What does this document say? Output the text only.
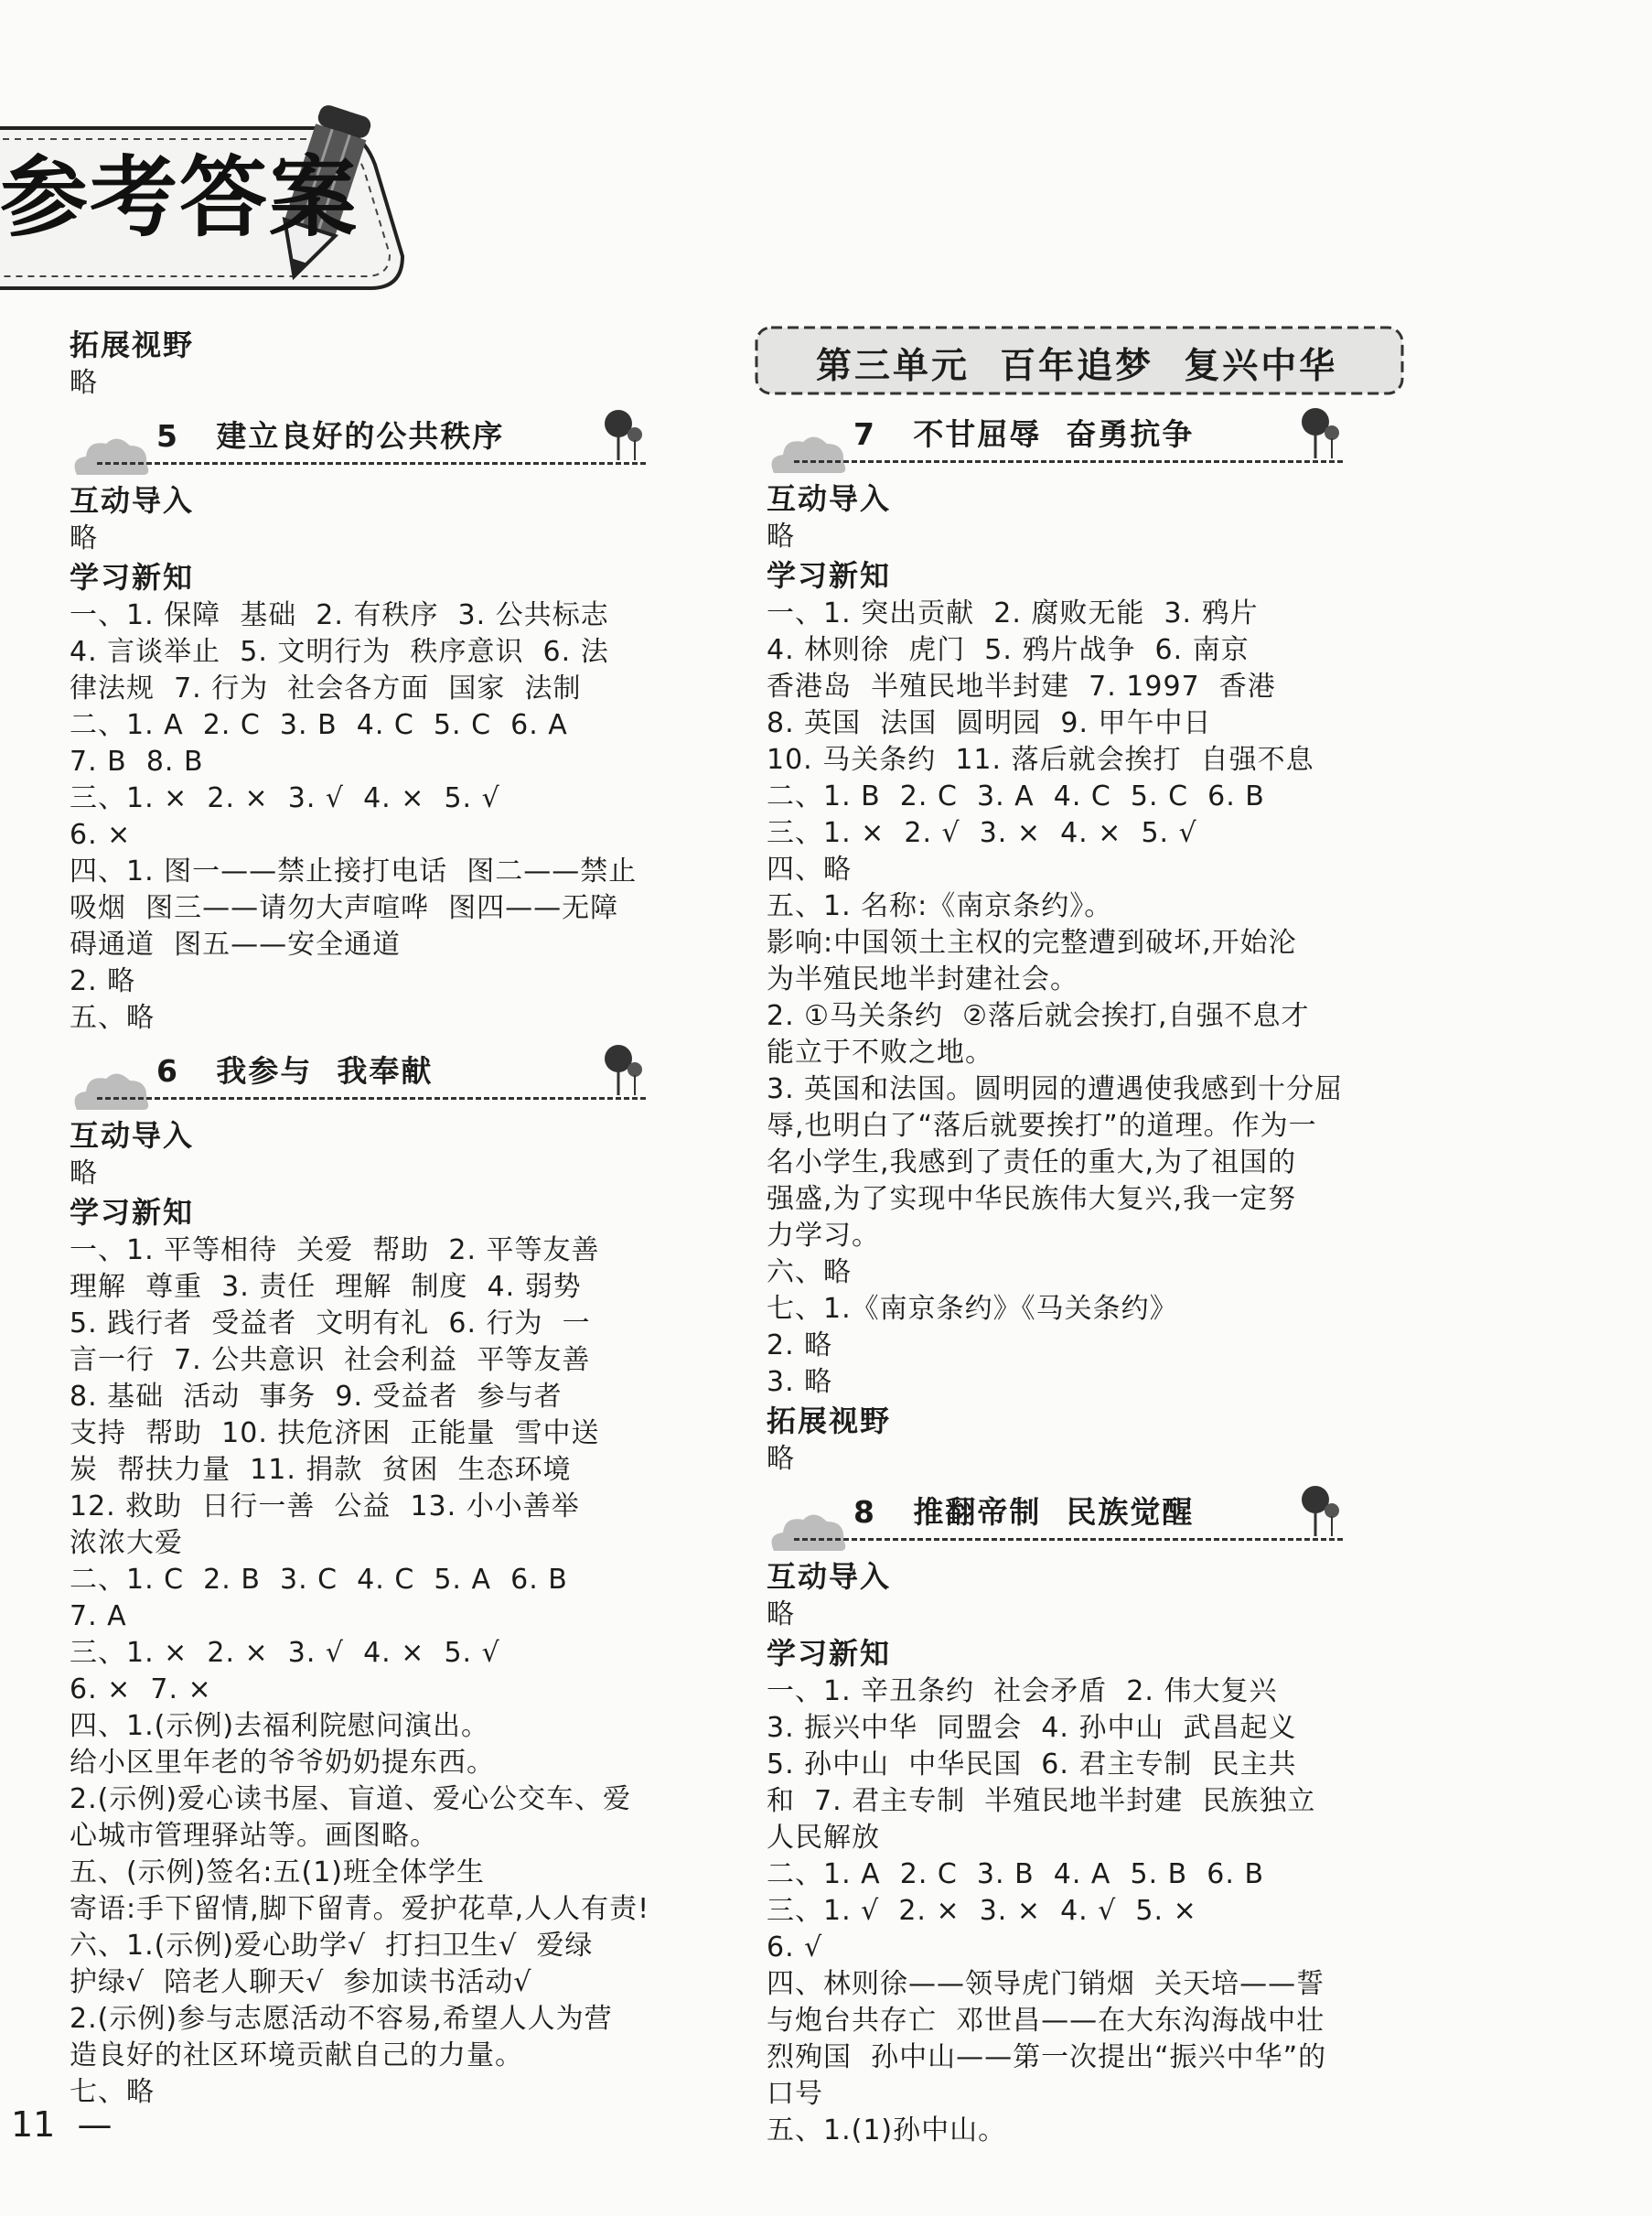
参考答案
拓展视野
略
5   建立良好的公共秩序
互动导入
略
学习新知
一、1. 保障  基础  2. 有秩序  3. 公共标志
4. 言谈举止  5. 文明行为  秩序意识  6. 法
律法规  7. 行为  社会各方面  国家  法制
二、1. A  2. C  3. B  4. C  5. C  6. A
7. B  8. B
三、1. ×  2. ×  3. √  4. ×  5. √
6. ×
四、1. 图一——禁止接打电话  图二——禁止
吸烟  图三——请勿大声喧哗  图四——无障
碍通道  图五——安全通道
2. 略
五、略
6   我参与  我奉献
互动导入
略
学习新知
一、1. 平等相待  关爱  帮助  2. 平等友善
理解  尊重  3. 责任  理解  制度  4. 弱势
5. 践行者  受益者  文明有礼  6. 行为  一
言一行  7. 公共意识  社会利益  平等友善
8. 基础  活动  事务  9. 受益者  参与者
支持  帮助  10. 扶危济困  正能量  雪中送
炭  帮扶力量  11. 捐款  贫困  生态环境
12. 救助  日行一善  公益  13. 小小善举
浓浓大爱
二、1. C  2. B  3. C  4. C  5. A  6. B
7. A
三、1. ×  2. ×  3. √  4. ×  5. √
6. ×  7. ×
四、1.(示例)去福利院慰问演出。
给小区里年老的爷爷奶奶提东西。
2.(示例)爱心读书屋、盲道、爱心公交车、爱
心城市管理驿站等。画图略。
五、(示例)签名:五(1)班全体学生
寄语:手下留情,脚下留青。爱护花草,人人有责!
六、1.(示例)爱心助学√  打扫卫生√  爱绿
护绿√  陪老人聊天√  参加读书活动√
2.(示例)参与志愿活动不容易,希望人人为营
造良好的社区环境贡献自己的力量。
七、略
第三单元  百年追梦  复兴中华
7   不甘屈辱  奋勇抗争
互动导入
略
学习新知
一、1. 突出贡献  2. 腐败无能  3. 鸦片
4. 林则徐  虎门  5. 鸦片战争  6. 南京
香港岛  半殖民地半封建  7. 1997  香港
8. 英国  法国  圆明园  9. 甲午中日
10. 马关条约  11. 落后就会挨打  自强不息
二、1. B  2. C  3. A  4. C  5. C  6. B
三、1. ×  2. √  3. ×  4. ×  5. √
四、略
五、1. 名称:《南京条约》。
影响:中国领土主权的完整遭到破坏,开始沦
为半殖民地半封建社会。
2. ①马关条约  ②落后就会挨打,自强不息才
能立于不败之地。
3. 英国和法国。圆明园的遭遇使我感到十分屈
辱,也明白了“落后就要挨打”的道理。作为一
名小学生,我感到了责任的重大,为了祖国的
强盛,为了实现中华民族伟大复兴,我一定努
力学习。
六、略
七、1.《南京条约》《马关条约》
2. 略
3. 略
拓展视野
略
8   推翻帝制  民族觉醒
互动导入
略
学习新知
一、1. 辛丑条约  社会矛盾  2. 伟大复兴
3. 振兴中华  同盟会  4. 孙中山  武昌起义
5. 孙中山  中华民国  6. 君主专制  民主共
和  7. 君主专制  半殖民地半封建  民族独立
人民解放
二、1. A  2. C  3. B  4. A  5. B  6. B
三、1. √  2. ×  3. ×  4. √  5. ×
6. √
四、林则徐——领导虎门销烟  关天培——誓
与炮台共存亡  邓世昌——在大东沟海战中壮
烈殉国  孙中山——第一次提出“振兴中华”的
口号
五、1.(1)孙中山。
11  —
